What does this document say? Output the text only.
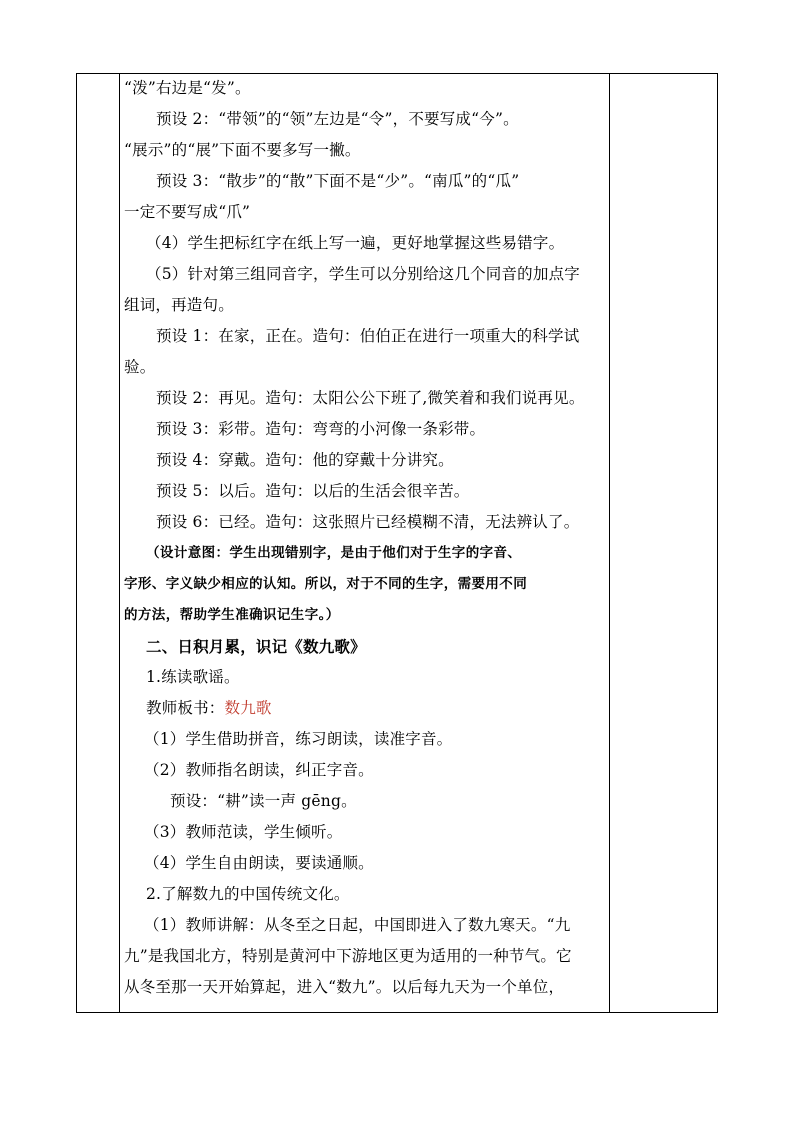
“泼”右边是“发”。
预设 2：“带领”的“领”左边是“令”，不要写成“今”。
“展示”的“展”下面不要多写一撇。
预设 3：“散步”的“散”下面不是“少”。“南瓜”的“瓜”
一定不要写成“爪”
（4）学生把标红字在纸上写一遍，更好地掌握这些易错字。
（5）针对第三组同音字，学生可以分别给这几个同音的加点字
组词，再造句。
预设 1：在家，正在。造句：伯伯正在进行一项重大的科学试
验。
预设 2：再见。造句：太阳公公下班了,微笑着和我们说再见。
预设 3：彩带。造句：弯弯的小河像一条彩带。
预设 4：穿戴。造句：他的穿戴十分讲究。
预设 5：以后。造句：以后的生活会很辛苦。
预设 6：已经。造句：这张照片已经模糊不清，无法辨认了。
（设计意图：学生出现错别字，是由于他们对于生字的字音、
字形、字义缺少相应的认知。所以，对于不同的生字，需要用不同
的方法，帮助学生准确识记生字。）
二、日积月累，识记《数九歌》
1.练读歌谣。
教师板书：数九歌
（1）学生借助拼音，练习朗读，读准字音。
（2）教师指名朗读，纠正字音。
预设：“耕”读一声 gēng。
（3）教师范读，学生倾听。
（4）学生自由朗读，要读通顺。
2.了解数九的中国传统文化。
（1）教师讲解：从冬至之日起，中国即进入了数九寒天。“九
九”是我国北方，特别是黄河中下游地区更为适用的一种节气。它
从冬至那一天开始算起，进入“数九”。以后每九天为一个单位，
